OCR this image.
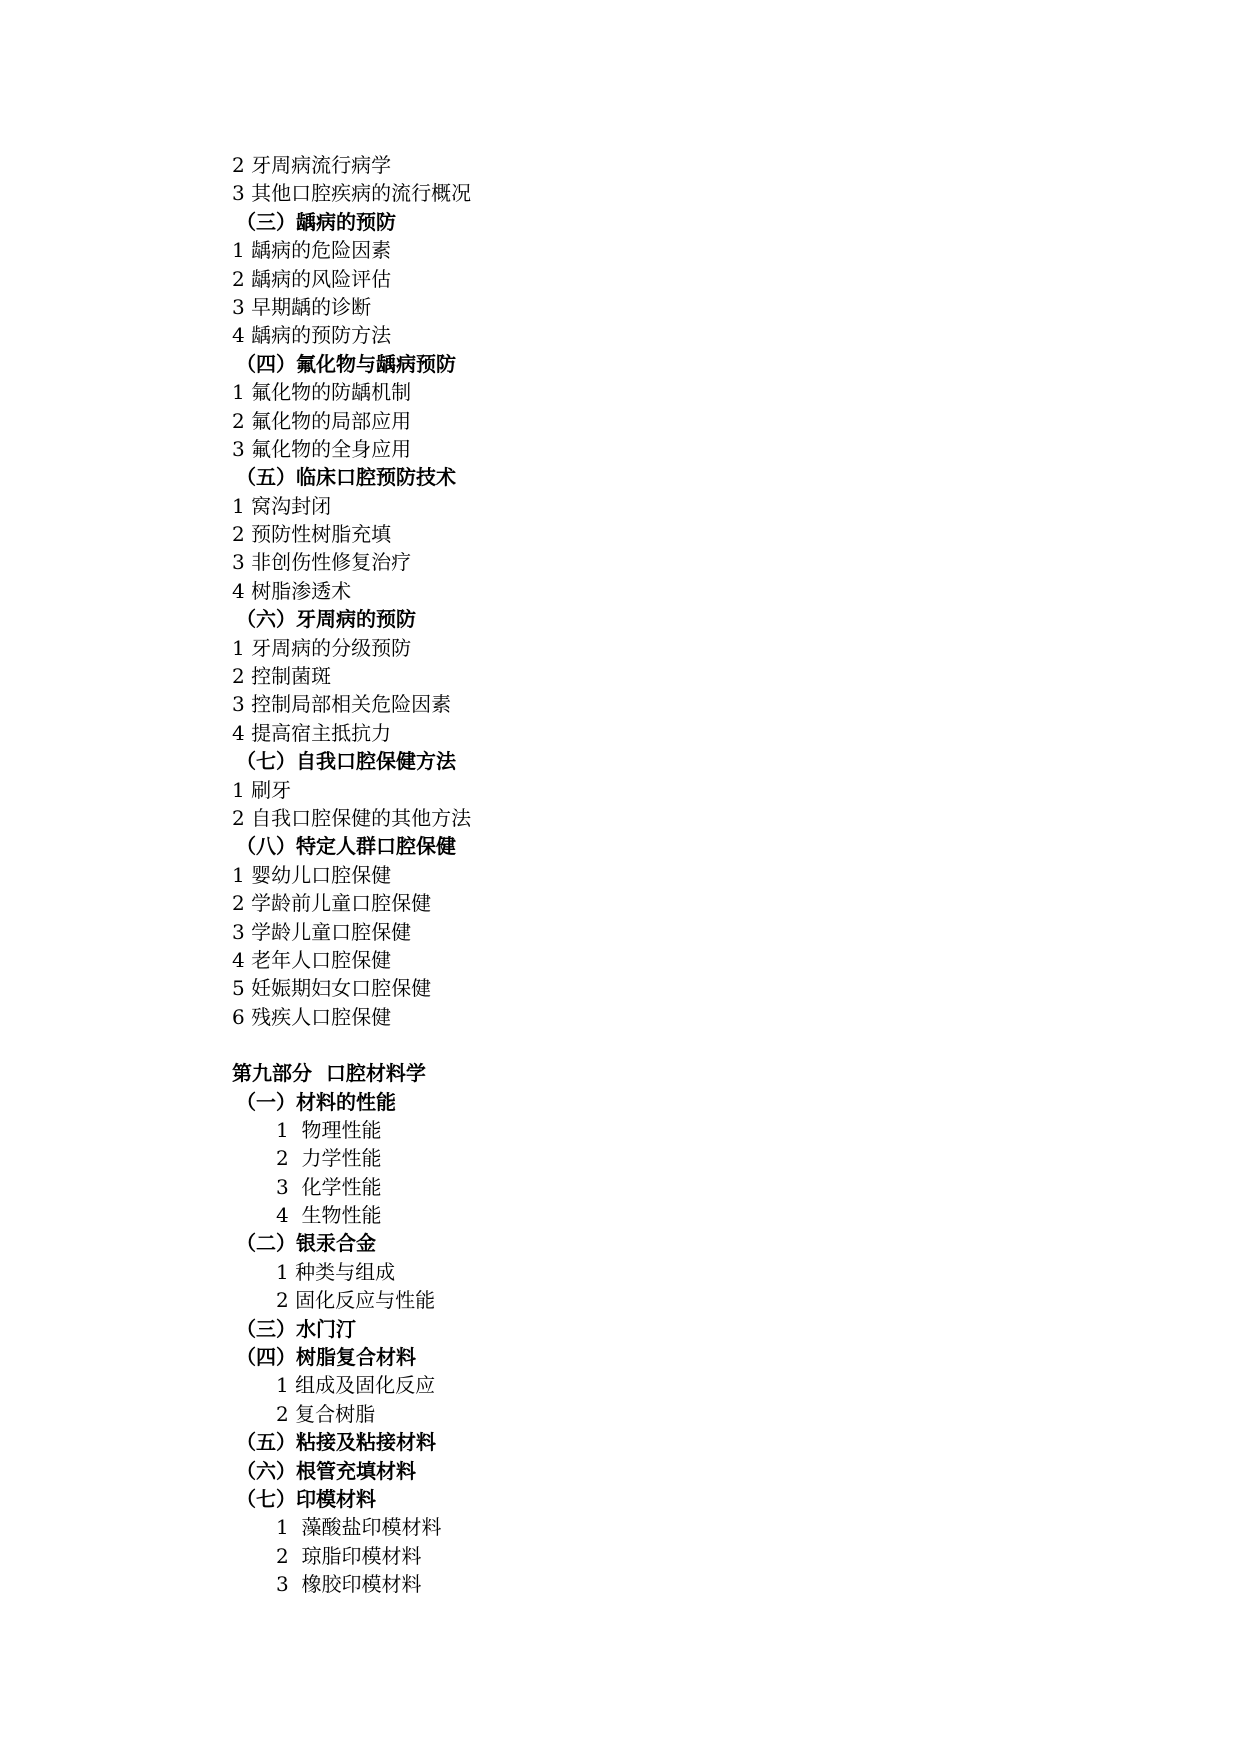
2 牙周病流行病学
3 其他口腔疾病的流行概况
（三）龋病的预防
1 龋病的危险因素
2 龋病的风险评估
3 早期龋的诊断
4 龋病的预防方法
（四）氟化物与龋病预防
1 氟化物的防龋机制
2 氟化物的局部应用
3 氟化物的全身应用
（五）临床口腔预防技术
1 窝沟封闭
2 预防性树脂充填
3 非创伤性修复治疗
4 树脂渗透术
（六）牙周病的预防
1 牙周病的分级预防
2 控制菌斑
3 控制局部相关危险因素
4 提高宿主抵抗力
（七）自我口腔保健方法
1 刷牙
2 自我口腔保健的其他方法
（八）特定人群口腔保健
1 婴幼儿口腔保健
2 学龄前儿童口腔保健
3 学龄儿童口腔保健
4 老年人口腔保健
5 妊娠期妇女口腔保健
6 残疾人口腔保健
第九部分  口腔材料学
（一）材料的性能
1  物理性能
2  力学性能
3  化学性能
4  生物性能
（二）银汞合金
1 种类与组成
2 固化反应与性能
（三）水门汀
（四）树脂复合材料
1 组成及固化反应
2 复合树脂
（五）粘接及粘接材料
（六）根管充填材料
（七）印模材料
1  藻酸盐印模材料
2  琼脂印模材料
3  橡胶印模材料
